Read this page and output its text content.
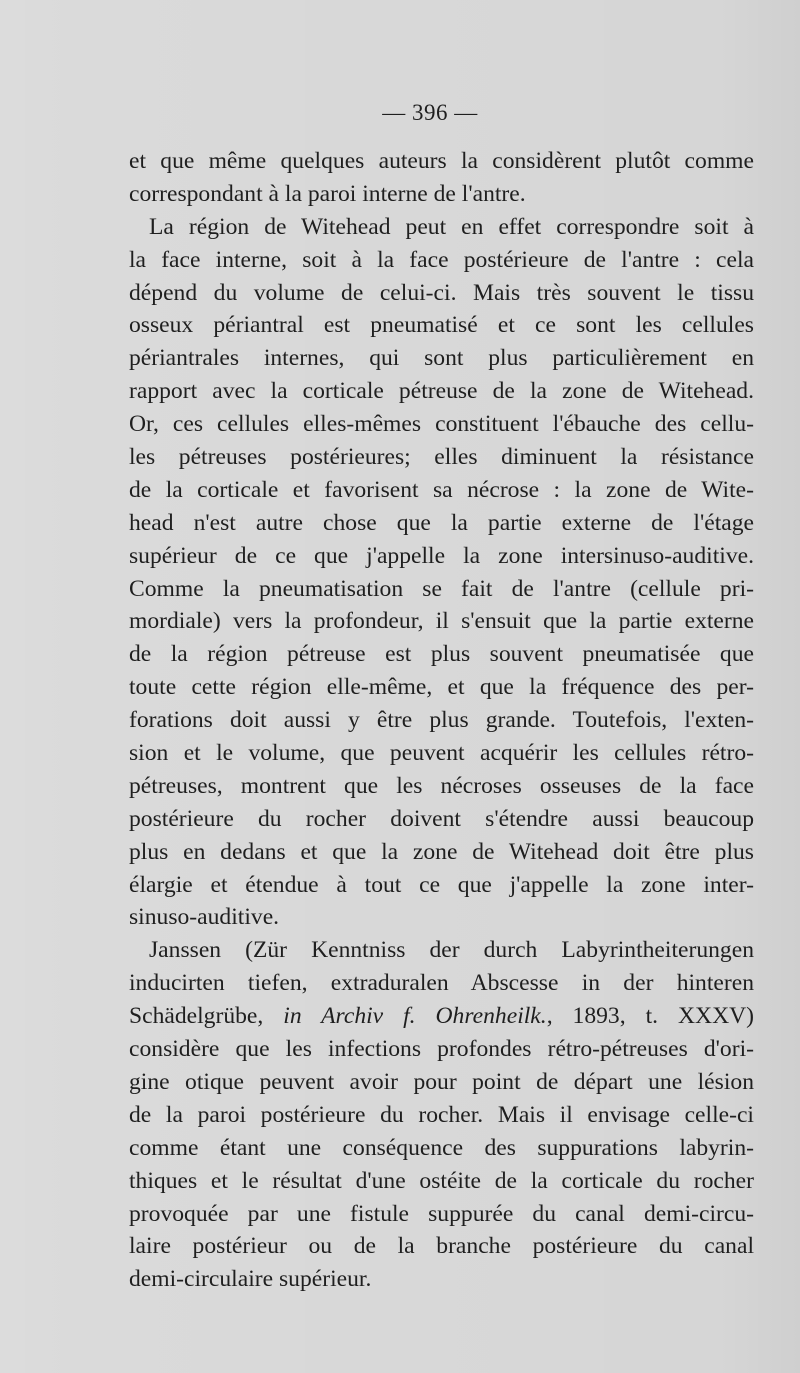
— 396 —
et que même quelques auteurs la considèrent plutôt comme
correspondant à la paroi interne de l'antre.
La région de Witehead peut en effet correspondre soit à
la face interne, soit à la face postérieure de l'antre : cela
dépend du volume de celui-ci. Mais très souvent le tissu
osseux périantral est pneumatisé et ce sont les cellules
périantrales internes, qui sont plus particulièrement en
rapport avec la corticale pétreuse de la zone de Witehead.
Or, ces cellules elles-mêmes constituent l'ébauche des cellu-
les pétreuses postérieures; elles diminuent la résistance
de la corticale et favorisent sa nécrose : la zone de Wite-
head n'est autre chose que la partie externe de l'étage
supérieur de ce que j'appelle la zone intersinuso-auditive.
Comme la pneumatisation se fait de l'antre (cellule pri-
mordiale) vers la profondeur, il s'ensuit que la partie externe
de la région pétreuse est plus souvent pneumatisée que
toute cette région elle-même, et que la fréquence des per-
forations doit aussi y être plus grande. Toutefois, l'exten-
sion et le volume, que peuvent acquérir les cellules rétro-
pétreuses, montrent que les nécroses osseuses de la face
postérieure du rocher doivent s'étendre aussi beaucoup
plus en dedans et que la zone de Witehead doit être plus
élargie et étendue à tout ce que j'appelle la zone inter-
sinuso-auditive.
Janssen (Zür Kenntniss der durch Labyrintheiterungen
inducirten tiefen, extraduralen Abscesse in der hinteren
Schädelgrübe, in Archiv f. Ohrenheilk., 1893, t. XXXV)
considère que les infections profondes rétro-pétreuses d'ori-
gine otique peuvent avoir pour point de départ une lésion
de la paroi postérieure du rocher. Mais il envisage celle-ci
comme étant une conséquence des suppurations labyrin-
thiques et le résultat d'une ostéite de la corticale du rocher
provoquée par une fistule suppurée du canal demi-circu-
laire postérieur ou de la branche postérieure du canal
demi-circulaire supérieur.
